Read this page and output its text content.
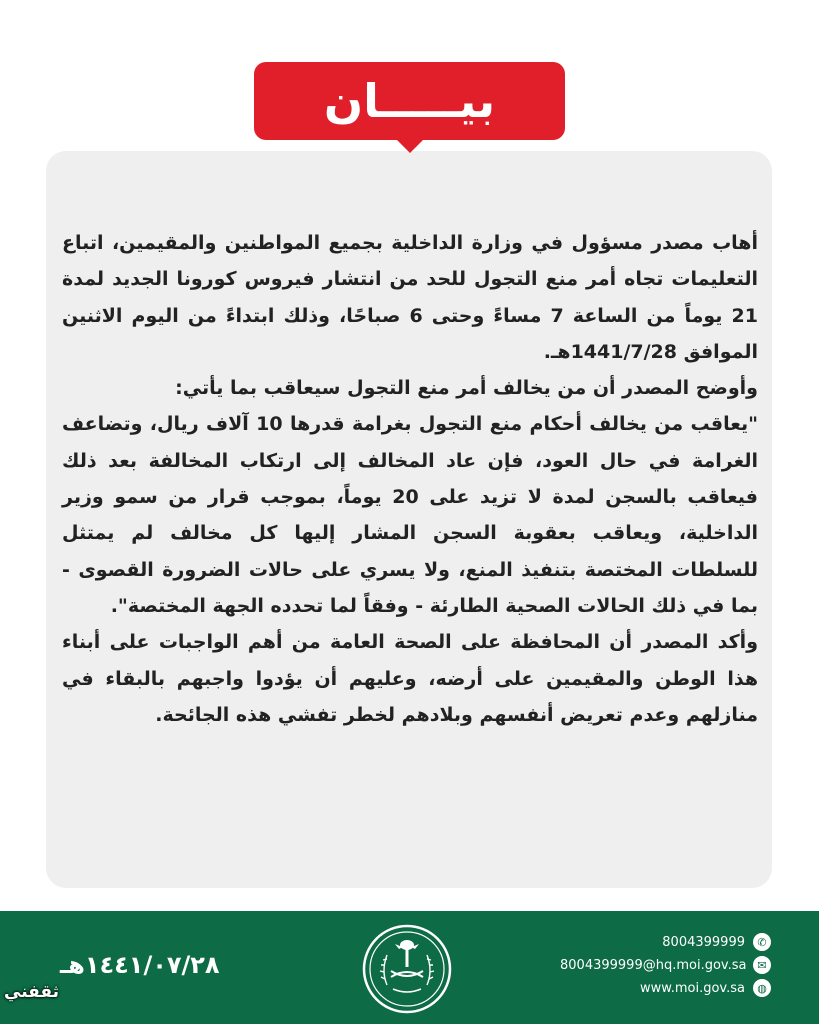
بيـــــان

أهاب مصدر مسؤول في وزارة الداخلية بجميع المواطنين والمقيمين، اتباع التعليمات تجاه أمر منع التجول للحد من انتشار فيروس كورونا الجديد لمدة 21 يوماً من الساعة 7 مساءً وحتى 6 صباحًا، وذلك ابتداءً من اليوم الاثنين الموافق 1441/7/28هـ.

وأوضح المصدر أن من يخالف أمر منع التجول سيعاقب بما يأتي:

"يعاقب من يخالف أحكام منع التجول بغرامة قدرها 10 آلاف ريال، وتضاعف الغرامة في حال العود، فإن عاد المخالف إلى ارتكاب المخالفة بعد ذلك فيعاقب بالسجن لمدة لا تزيد على 20 يوماً، بموجب قرار من سمو وزير الداخلية، ويعاقب بعقوبة السجن المشار إليها كل مخالف لم يمتثل للسلطات المختصة بتنفيذ المنع، ولا يسري على حالات الضرورة القصوى - بما في ذلك الحالات الصحية الطارئة - وفقاً لما تحدده الجهة المختصة".

وأكد المصدر أن المحافظة على الصحة العامة من أهم الواجبات على أبناء هذا الوطن والمقيمين على أرضه، وعليهم أن يؤدوا واجبهم بالبقاء في منازلهم وعدم تعريض أنفسهم وبلادهم لخطر تفشي هذه الجائحة.

١٤٤١/٠٧/٢٨هـ
8004399999	✆
8004399999@hq.moi.gov.sa ✉
www.moi.gov.sa	◍
ثقفني
